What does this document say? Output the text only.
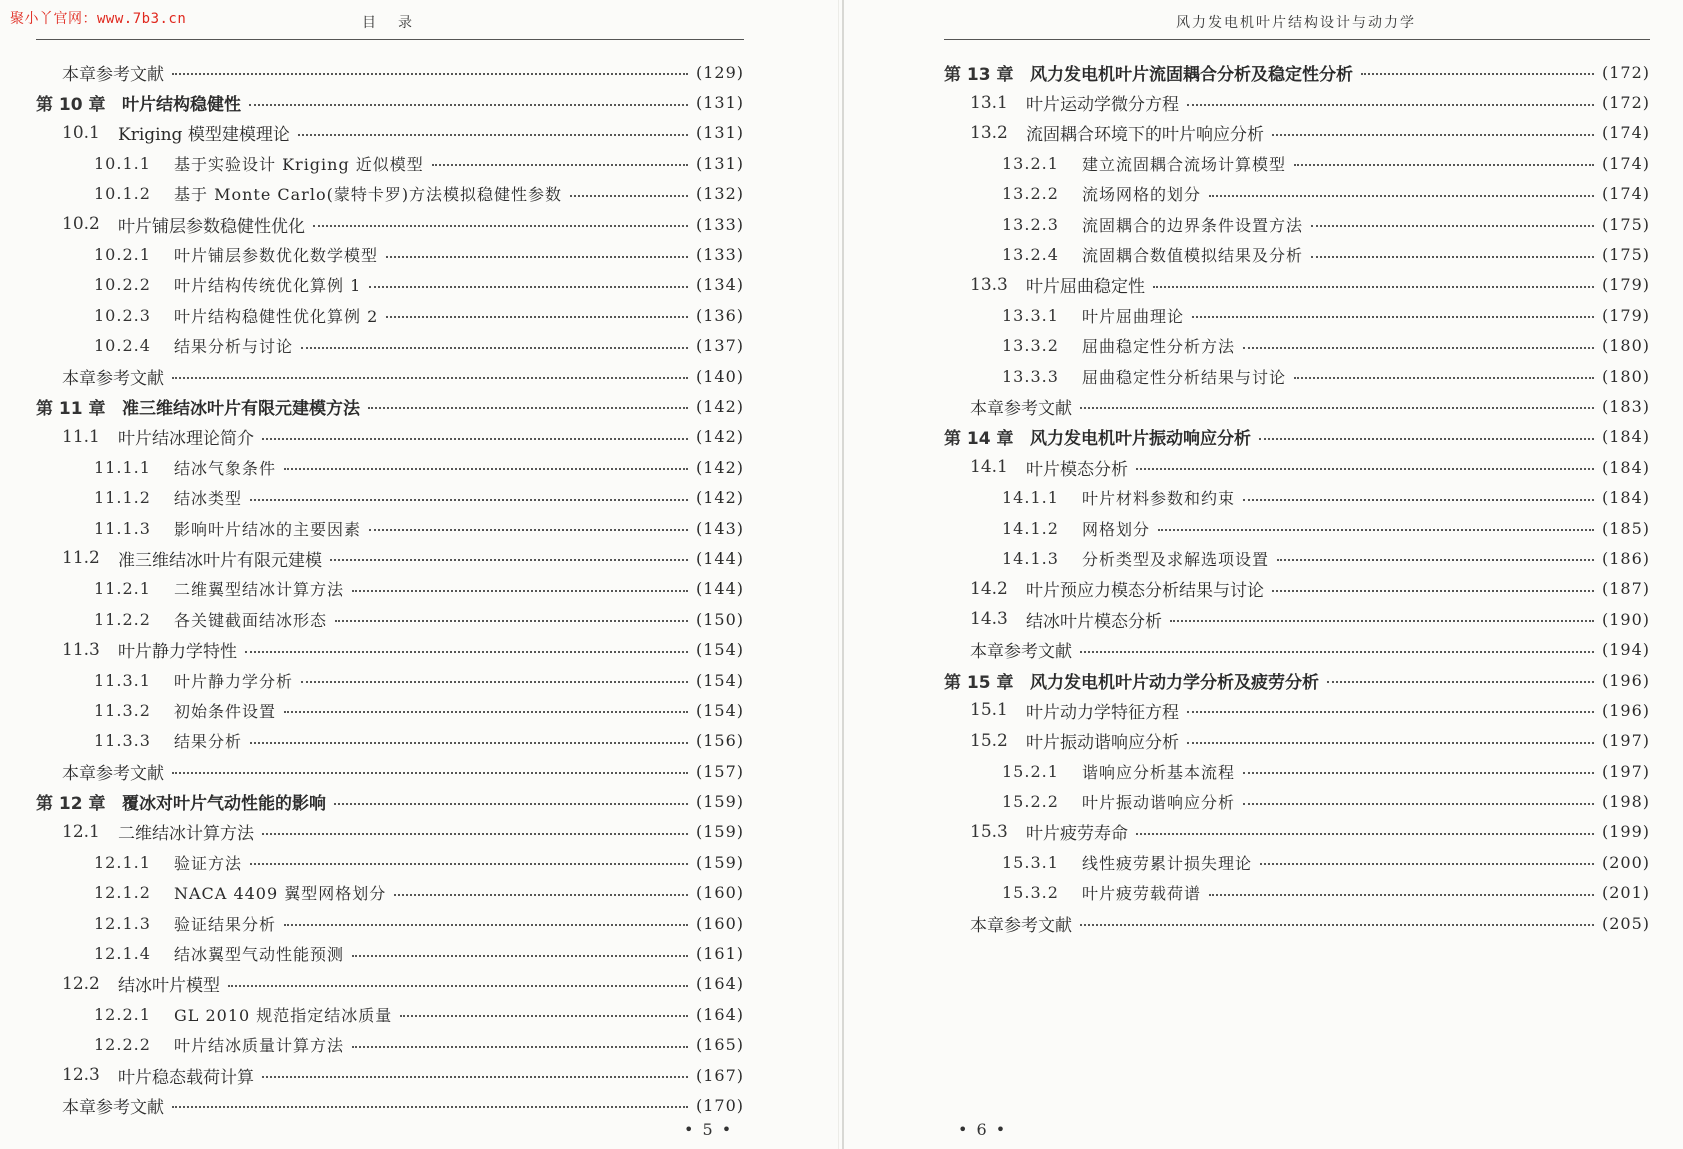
聚小丫官网：www.7b3.cn	目录
本章参考文献	(129)
第 10 章 叶片结构稳健性	(131)
10.1	Kriging 模型建模理论	(131)
10.1.1	基于实验设计 Kriging 近似模型	(131)
10.1.2	基于 Monte Carlo(蒙特卡罗)方法模拟稳健性参数	(132)
10.2	叶片铺层参数稳健性优化	(133)
10.2.1	叶片铺层参数优化数学模型	(133)
10.2.2	叶片结构传统优化算例 1	(134)
10.2.3	叶片结构稳健性优化算例 2	(136)
10.2.4	结果分析与讨论	(137)
本章参考文献	(140)
第 11 章 准三维结冰叶片有限元建模方法	(142)
11.1	叶片结冰理论简介	(142)
11.1.1	结冰气象条件	(142)
11.1.2	结冰类型	(142)
11.1.3	影响叶片结冰的主要因素	(143)
11.2	准三维结冰叶片有限元建模	(144)
11.2.1	二维翼型结冰计算方法	(144)
11.2.2	各关键截面结冰形态	(150)
11.3	叶片静力学特性	(154)
11.3.1	叶片静力学分析	(154)
11.3.2	初始条件设置	(154)
11.3.3	结果分析	(156)
本章参考文献	(157)
第 12 章 覆冰对叶片气动性能的影响	(159)
12.1	二维结冰计算方法	(159)
12.1.1	验证方法	(159)
12.1.2	NACA 4409 翼型网格划分	(160)
12.1.3	验证结果分析	(160)
12.1.4	结冰翼型气动性能预测	(161)
12.2	结冰叶片模型	(164)
12.2.1	GL 2010 规范指定结冰质量	(164)
12.2.2	叶片结冰质量计算方法	(165)
12.3	叶片稳态载荷计算	(167)
本章参考文献	(170)
• 5 •
风力发电机叶片结构设计与动力学
第 13 章 风力发电机叶片流固耦合分析及稳定性分析	(172)
13.1	叶片运动学微分方程	(172)
13.2	流固耦合环境下的叶片响应分析	(174)
13.2.1	建立流固耦合流场计算模型	(174)
13.2.2	流场网格的划分	(174)
13.2.3	流固耦合的边界条件设置方法	(175)
13.2.4	流固耦合数值模拟结果及分析	(175)
13.3	叶片屈曲稳定性	(179)
13.3.1	叶片屈曲理论	(179)
13.3.2	屈曲稳定性分析方法	(180)
13.3.3	屈曲稳定性分析结果与讨论	(180)
本章参考文献	(183)
第 14 章 风力发电机叶片振动响应分析	(184)
14.1	叶片模态分析	(184)
14.1.1	叶片材料参数和约束	(184)
14.1.2	网格划分	(185)
14.1.3	分析类型及求解选项设置	(186)
14.2	叶片预应力模态分析结果与讨论	(187)
14.3	结冰叶片模态分析	(190)
本章参考文献	(194)
第 15 章 风力发电机叶片动力学分析及疲劳分析	(196)
15.1	叶片动力学特征方程	(196)
15.2	叶片振动谐响应分析	(197)
15.2.1	谐响应分析基本流程	(197)
15.2.2	叶片振动谐响应分析	(198)
15.3	叶片疲劳寿命	(199)
15.3.1	线性疲劳累计损失理论	(200)
15.3.2	叶片疲劳载荷谱	(201)
本章参考文献	(205)
• 6 •
